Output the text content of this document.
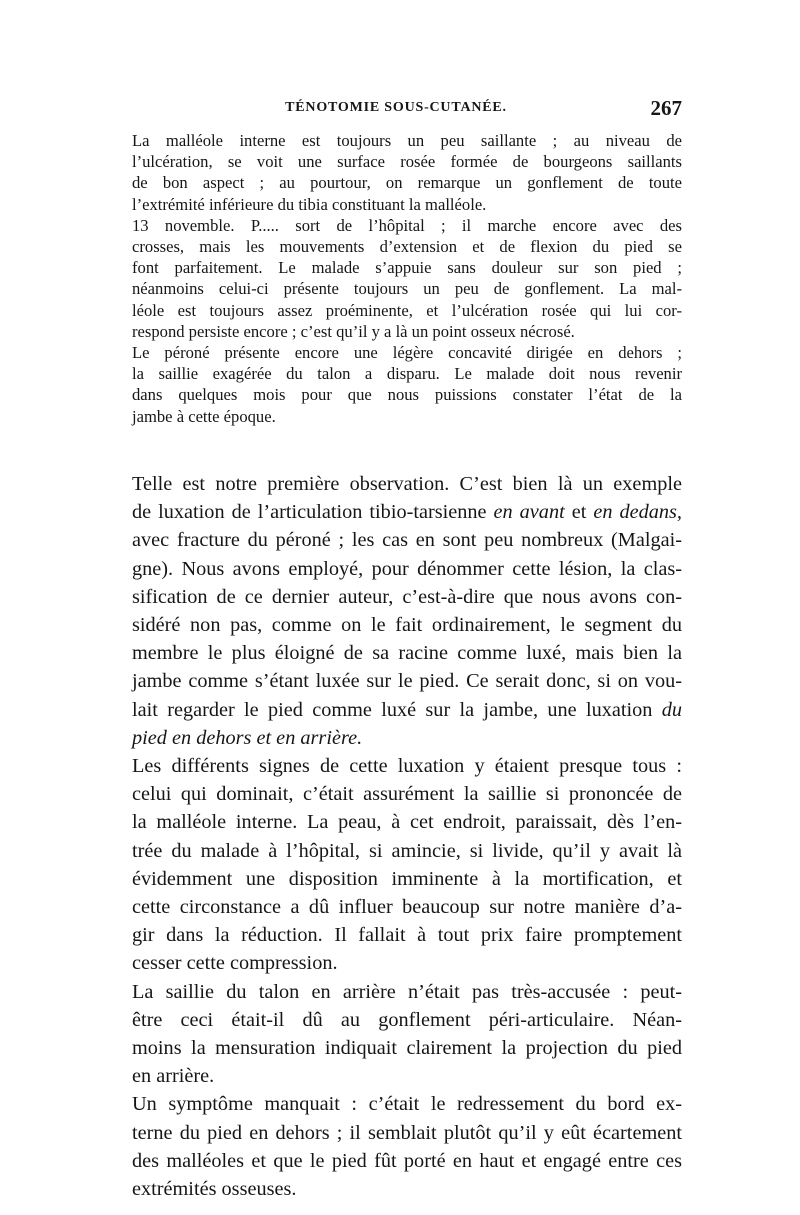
TÉNOTOMIE SOUS-CUTANÉE.	267

La malléole interne est toujours un peu saillante ; au niveau de
l’ulcération, se voit une surface rosée formée de bourgeons saillants
de bon aspect ; au pourtour, on remarque un gonflement de toute
l’extrémité inférieure du tibia constituant la malléole.

13 novemble. P..... sort de l’hôpital ; il marche encore avec des
crosses, mais les mouvements d’extension et de flexion du pied se
font parfaitement. Le malade s’appuie sans douleur sur son pied ;
néanmoins celui-ci présente toujours un peu de gonflement. La mal-
léole est toujours assez proéminente, et l’ulcération rosée qui lui cor-
respond persiste encore ; c’est qu’il y a là un point osseux nécrosé.

Le péroné présente encore une légère concavité dirigée en dehors ;
la saillie exagérée du talon a disparu. Le malade doit nous revenir
dans quelques mois pour que nous puissions constater l’état de la
jambe à cette époque.

Telle est notre première observation. C’est bien là un exemple
de luxation de l’articulation tibio-tarsienne en avant et en dedans,
avec fracture du péroné ; les cas en sont peu nombreux (Malgai-
gne). Nous avons employé, pour dénommer cette lésion, la clas-
sification de ce dernier auteur, c’est-à-dire que nous avons con-
sidéré non pas, comme on le fait ordinairement, le segment du
membre le plus éloigné de sa racine comme luxé, mais bien la
jambe comme s’étant luxée sur le pied. Ce serait donc, si on vou-
lait regarder le pied comme luxé sur la jambe, une luxation du
pied en dehors et en arrière.

Les différents signes de cette luxation y étaient presque tous :
celui qui dominait, c’était assurément la saillie si prononcée de
la malléole interne. La peau, à cet endroit, paraissait, dès l’en-
trée du malade à l’hôpital, si amincie, si livide, qu’il y avait là
évidemment une disposition imminente à la mortification, et
cette circonstance a dû influer beaucoup sur notre manière d’a-
gir dans la réduction. Il fallait à tout prix faire promptement
cesser cette compression.

La saillie du talon en arrière n’était pas très-accusée : peut-
être ceci était-il dû au gonflement péri-articulaire. Néan-
moins la mensuration indiquait clairement la projection du pied
en arrière.

Un symptôme manquait : c’était le redressement du bord ex-
terne du pied en dehors ; il semblait plutôt qu’il y eût écartement
des malléoles et que le pied fût porté en haut et engagé entre ces
extrémités osseuses.
